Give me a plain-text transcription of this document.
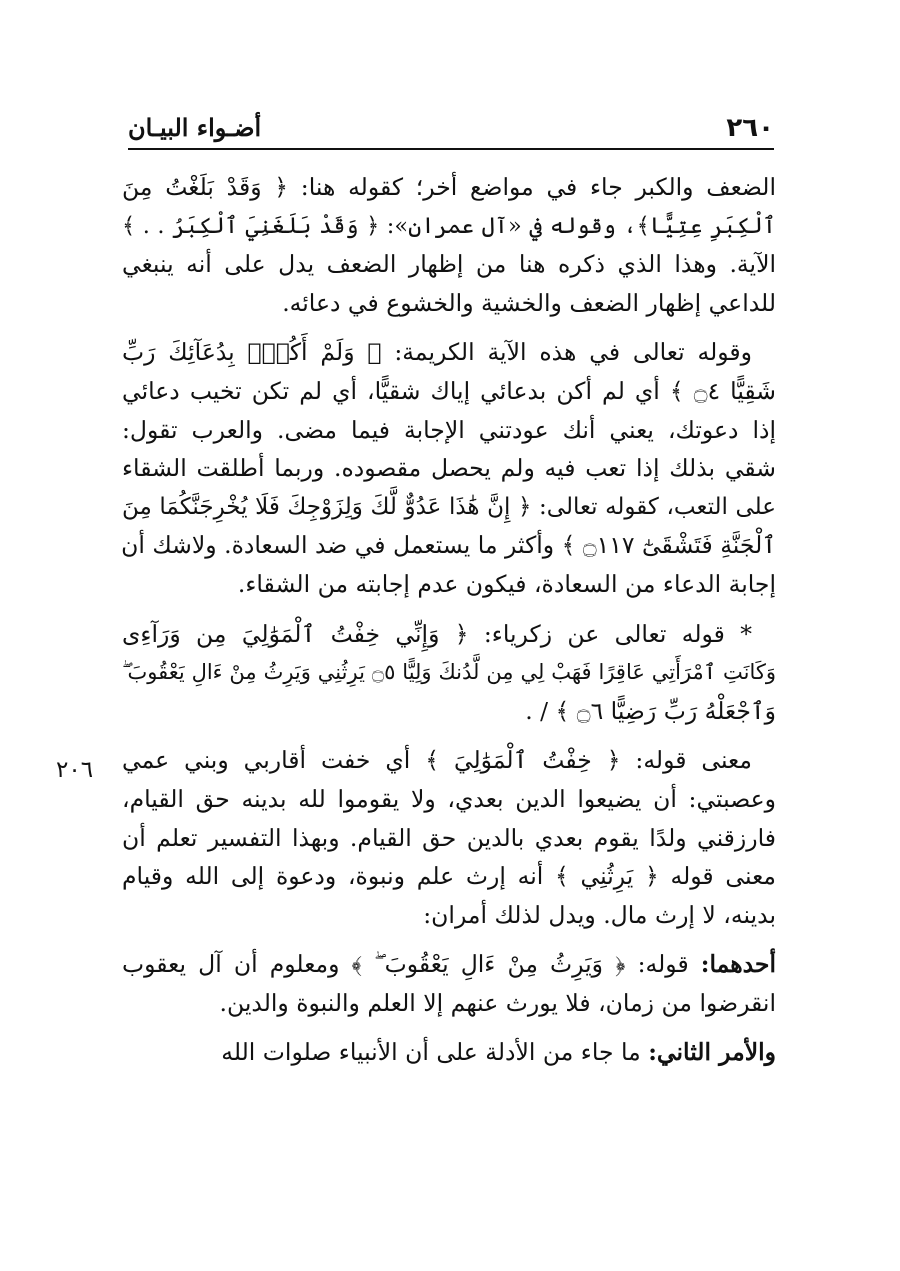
٢٦٠
أضـواء البيـان
٢٠٦

الضعف والكبر جاء في مواضع أخر؛ كقوله هنا: ﴿ وَقَدْ بَلَغْتُ مِنَ
ٱلْكِبَرِ عِتِيًّا﴾، وقوله في «آل عمران»: ﴿ وَقَدْ بَلَغَنِيَ ٱلْكِبَرُ . . ﴾
الآية. وهذا الذي ذكره هنا من إظهار الضعف يدل على أنه ينبغي
للداعي إظهار الضعف والخشية والخشوع في دعائه.

وقوله تعالى في هذه الآية الكريمة: ﴿ وَلَمْ أَكُنْۢ بِدُعَآئِكَ رَبِّ
شَقِيًّا ۝٤ ﴾ أي لم أكن بدعائي إياك شقيًّا، أي لم تكن تخيب دعائي
إذا دعوتك، يعني أنك عودتني الإجابة فيما مضى. والعرب تقول:
شقي بذلك إذا تعب فيه ولم يحصل مقصوده. وربما أطلقت الشقاء
على التعب، كقوله تعالى: ﴿ إِنَّ هَٰذَا عَدُوٌّ لَّكَ وَلِزَوْجِكَ فَلَا يُخْرِجَنَّكُمَا مِنَ
ٱلْجَنَّةِ فَتَشْقَىٰٓ ۝١١٧ ﴾ وأكثر ما يستعمل في ضد السعادة. ولاشك أن
إجابة الدعاء من السعادة، فيكون عدم إجابته من الشقاء.

* قوله تعالى عن زكرياء: ﴿ وَإِنِّي خِفْتُ ٱلْمَوَٰلِيَ مِن وَرَآءِى
وَكَانَتِ ٱمْرَأَتِي عَاقِرًا فَهَبْ لِي مِن لَّدُنكَ وَلِيًّا ۝٥ يَرِثُنِي وَيَرِثُ مِنْ ءَالِ يَعْقُوبَ ۖ
وَٱجْعَلْهُ رَبِّ رَضِيًّا ۝٦ ﴾ / .

معنى قوله: ﴿ خِفْتُ ٱلْمَوَٰلِيَ ﴾ أي خفت أقاربي وبني عمي
وعصبتي: أن يضيعوا الدين بعدي، ولا يقوموا لله بدينه حق القيام،
فارزقني ولدًا يقوم بعدي بالدين حق القيام. وبهذا التفسير تعلم أن
معنى قوله ﴿ يَرِثُنِي ﴾ أنه إرث علم ونبوة، ودعوة إلى الله وقيام
بدينه، لا إرث مال. ويدل لذلك أمران:

أحدهما: قوله: ﴿ وَيَرِثُ مِنْ ءَالِ يَعْقُوبَ ۖ ﴾ ومعلوم أن آل يعقوب
انقرضوا من زمان، فلا يورث عنهم إلا العلم والنبوة والدين.

والأمر الثاني: ما جاء من الأدلة على أن الأنبياء صلوات الله
